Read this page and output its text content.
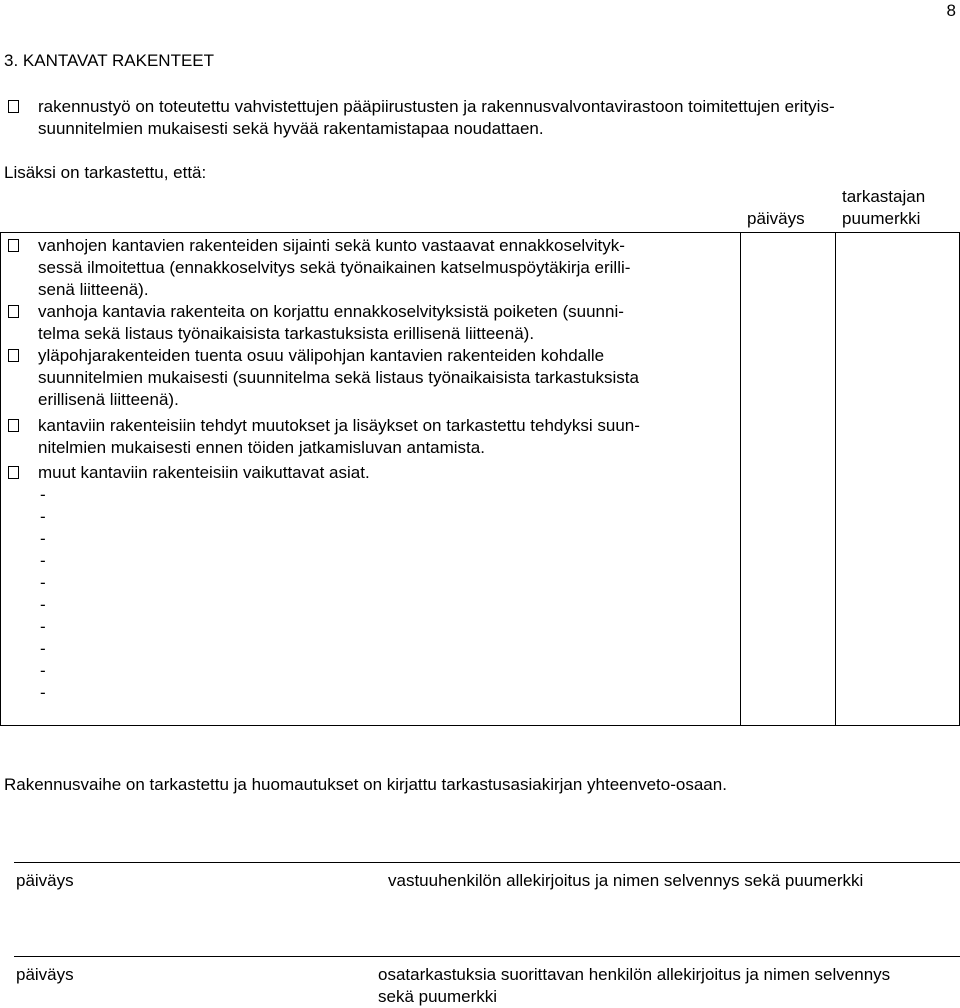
8
3. KANTAVAT RAKENTEET
rakennustyö on toteutettu vahvistettujen pääpiirustusten ja rakennusvalvontavirastoon toimitettujen erityis-
suunnitelmien mukaisesti sekä hyvää rakentamistapaa noudattaen.
Lisäksi on tarkastettu, että:
päiväys
tarkastajan
puumerkki
vanhojen kantavien rakenteiden sijainti sekä kunto vastaavat ennakkoselvityk-
sessä ilmoitettua (ennakkoselvitys sekä työnaikainen katselmuspöytäkirja erilli-
senä liitteenä).
vanhoja kantavia rakenteita on korjattu ennakkoselvityksistä poiketen (suunni-
telma sekä listaus työnaikaisista tarkastuksista erillisenä liitteenä).
yläpohjarakenteiden tuenta osuu välipohjan kantavien rakenteiden kohdalle
suunnitelmien mukaisesti (suunnitelma sekä listaus työnaikaisista tarkastuksista
erillisenä liitteenä).
kantaviin rakenteisiin tehdyt muutokset ja lisäykset on tarkastettu tehdyksi suun-
nitelmien mukaisesti ennen töiden jatkamisluvan antamista.
muut kantaviin rakenteisiin vaikuttavat asiat.
-
-
-
-
-
-
-
-
-
-
Rakennusvaihe on tarkastettu ja huomautukset on kirjattu tarkastusasiakirjan yhteenveto-osaan.
päiväys	vastuuhenkilön allekirjoitus ja nimen selvennys sekä puumerkki
päiväys	osatarkastuksia suorittavan henkilön allekirjoitus ja nimen selvennys
sekä puumerkki
